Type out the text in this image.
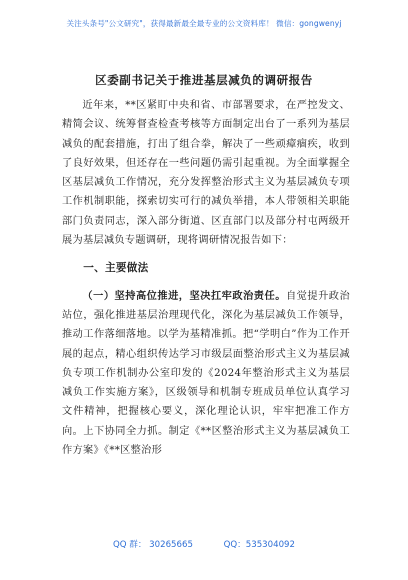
关注头条号"公文研究"，获得最新最全最专业的公文资料库！ 微信：gongwenyj
区委副书记关于推进基层减负的调研报告

近年来，**区紧盯中央和省、市部署要求，在严控发文、精简会议、统筹督查检查考核等方面制定出台了一系列为基层减负的配套措施，打出了组合拳，解决了一些顽瘴痼疾，收到了良好效果，但还存在一些问题仍需引起重视。为全面掌握全区基层减负工作情况，充分发挥整治形式主义为基层减负专项工作机制职能，探索切实可行的减负举措，本人带领相关职能部门负责同志，深入部分街道、区直部门以及部分村屯两级开展为基层减负专题调研，现将调研情况报告如下：

一、主要做法

（一）坚持高位推进，坚决扛牢政治责任。自觉提升政治站位，强化推进基层治理现代化，深化为基层减负工作领导，推动工作落细落地。以学为基精准抓。把“学明白”作为工作开展的起点，精心组织传达学习市级层面整治形式主义为基层减负专项工作机制办公室印发的《2024年整治形式主义为基层减负工作实施方案》，区级领导和机制专班成员单位认真学习文件精神，把握核心要义，深化理论认识，牢牢把准工作方向。上下协同全力抓。制定《**区整治形式主义为基层减负工作方案》《**区整治形

QQ 群： 30265665	QQ：535304092
